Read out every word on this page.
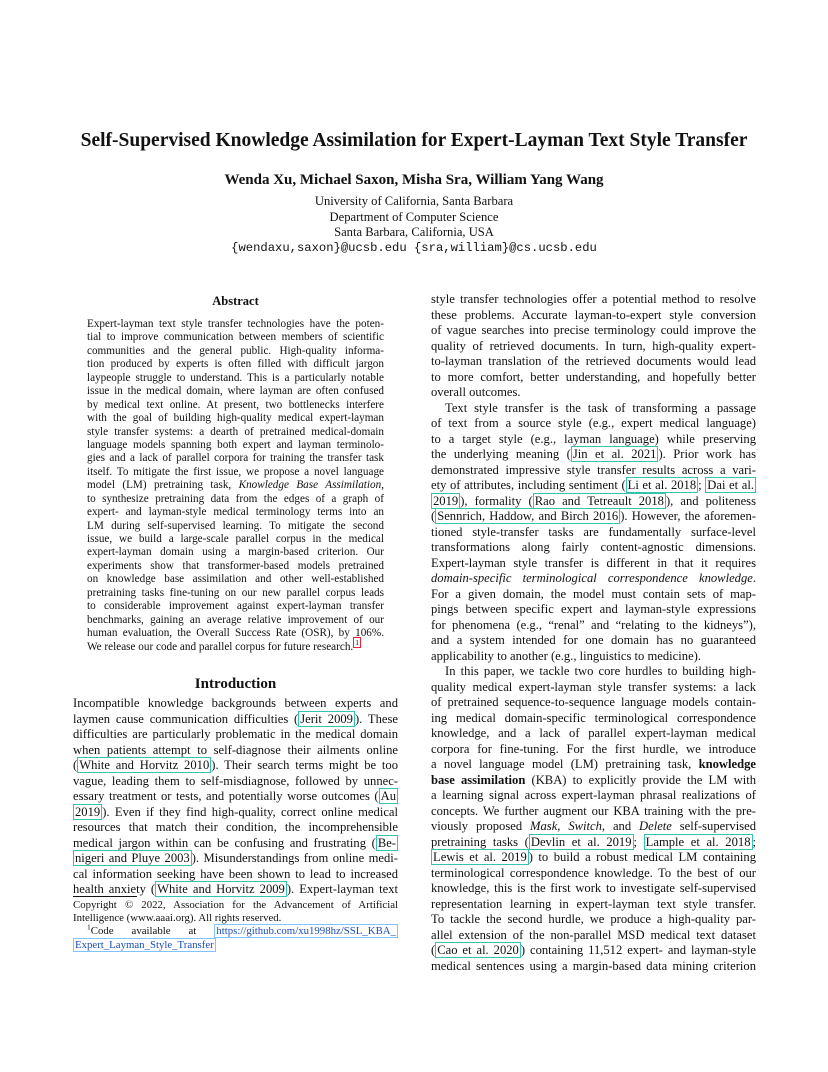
Self-Supervised Knowledge Assimilation for Expert-Layman Text Style Transfer
Wenda Xu, Michael Saxon, Misha Sra, William Yang Wang
University of California, Santa Barbara
Department of Computer Science
Santa Barbara, California, USA
{wendaxu,saxon}@ucsb.edu {sra,william}@cs.ucsb.edu
Abstract
Expert-layman text style transfer technologies have the poten-
tial to improve communication between members of scientific
communities and the general public. High-quality informa-
tion produced by experts is often filled with difficult jargon
laypeople struggle to understand. This is a particularly notable
issue in the medical domain, where layman are often confused
by medical text online. At present, two bottlenecks interfere
with the goal of building high-quality medical expert-layman
style transfer systems: a dearth of pretrained medical-domain
language models spanning both expert and layman terminolo-
gies and a lack of parallel corpora for training the transfer task
itself. To mitigate the first issue, we propose a novel language
model (LM) pretraining task, Knowledge Base Assimilation,
to synthesize pretraining data from the edges of a graph of
expert- and layman-style medical terminology terms into an
LM during self-supervised learning. To mitigate the second
issue, we build a large-scale parallel corpus in the medical
expert-layman domain using a margin-based criterion. Our
experiments show that transformer-based models pretrained
on knowledge base assimilation and other well-established
pretraining tasks fine-tuning on our new parallel corpus leads
to considerable improvement against expert-layman transfer
benchmarks, gaining an average relative improvement of our
human evaluation, the Overall Success Rate (OSR), by 106%.
We release our code and parallel corpus for future research. $^1$
Introduction
Incompatible knowledge backgrounds between experts and
laymen cause communication difficulties ( Jerit 2009 ). These
difficulties are particularly problematic in the medical domain
when patients attempt to self-diagnose their ailments online
( White and Horvitz 2010 ). Their search terms might be too
vague, leading them to self-misdiagnose, followed by unnec-
essary treatment or tests, and potentially worse outcomes ( Au
2019 ). Even if they find high-quality, correct online medical
resources that match their condition, the incomprehensible
medical jargon within can be confusing and frustrating ( Be-
nigeri and Pluye 2003 ). Misunderstandings from online medi-
cal information seeking have been shown to lead to increased
health anxiety ( White and Horvitz 2009 ). Expert-layman text
Copyright © 2022, Association for the Advancement of Artificial
Intelligence (www.aaai.org). All rights reserved.
$^1$Code available at https://github.com/xu1998hz/SSL_KBA_
Expert_Layman_Style_Transfer
style transfer technologies offer a potential method to resolve
these problems. Accurate layman-to-expert style conversion
of vague searches into precise terminology could improve the
quality of retrieved documents. In turn, high-quality expert-
to-layman translation of the retrieved documents would lead
to more comfort, better understanding, and hopefully better
overall outcomes.
Text style transfer is the task of transforming a passage
of text from a source style (e.g., expert medical language)
to a target style (e.g., layman language) while preserving
the underlying meaning ( Jin et al. 2021 ). Prior work has
demonstrated impressive style transfer results across a vari-
ety of attributes, including sentiment ( Li et al. 2018 ; Dai et al.
2019 ), formality ( Rao and Tetreault 2018 ), and politeness
( Sennrich, Haddow, and Birch 2016 ). However, the aforemen-
tioned style-transfer tasks are fundamentally surface-level
transformations along fairly content-agnostic dimensions.
Expert-layman style transfer is different in that it requires
domain-specific terminological correspondence knowledge.
For a given domain, the model must contain sets of map-
pings between specific expert and layman-style expressions
for phenomena (e.g., “renal” and “relating to the kidneys”),
and a system intended for one domain has no guaranteed
applicability to another (e.g., linguistics to medicine).
In this paper, we tackle two core hurdles to building high-
quality medical expert-layman style transfer systems: a lack
of pretrained sequence-to-sequence language models contain-
ing medical domain-specific terminological correspondence
knowledge, and a lack of parallel expert-layman medical
corpora for fine-tuning. For the first hurdle, we introduce
a novel language model (LM) pretraining task, knowledge
base assimilation (KBA) to explicitly provide the LM with
a learning signal across expert-layman phrasal realizations of
concepts. We further augment our KBA training with the pre-
viously proposed Mask, Switch, and Delete self-supervised
pretraining tasks ( Devlin et al. 2019 ; Lample et al. 2018 ;
Lewis et al. 2019 ) to build a robust medical LM containing
terminological correspondence knowledge. To the best of our
knowledge, this is the first work to investigate self-supervised
representation learning in expert-layman text style transfer.
To tackle the second hurdle, we produce a high-quality par-
allel extension of the non-parallel MSD medical text dataset
( Cao et al. 2020 ) containing 11,512 expert- and layman-style
medical sentences using a margin-based data mining criterion
